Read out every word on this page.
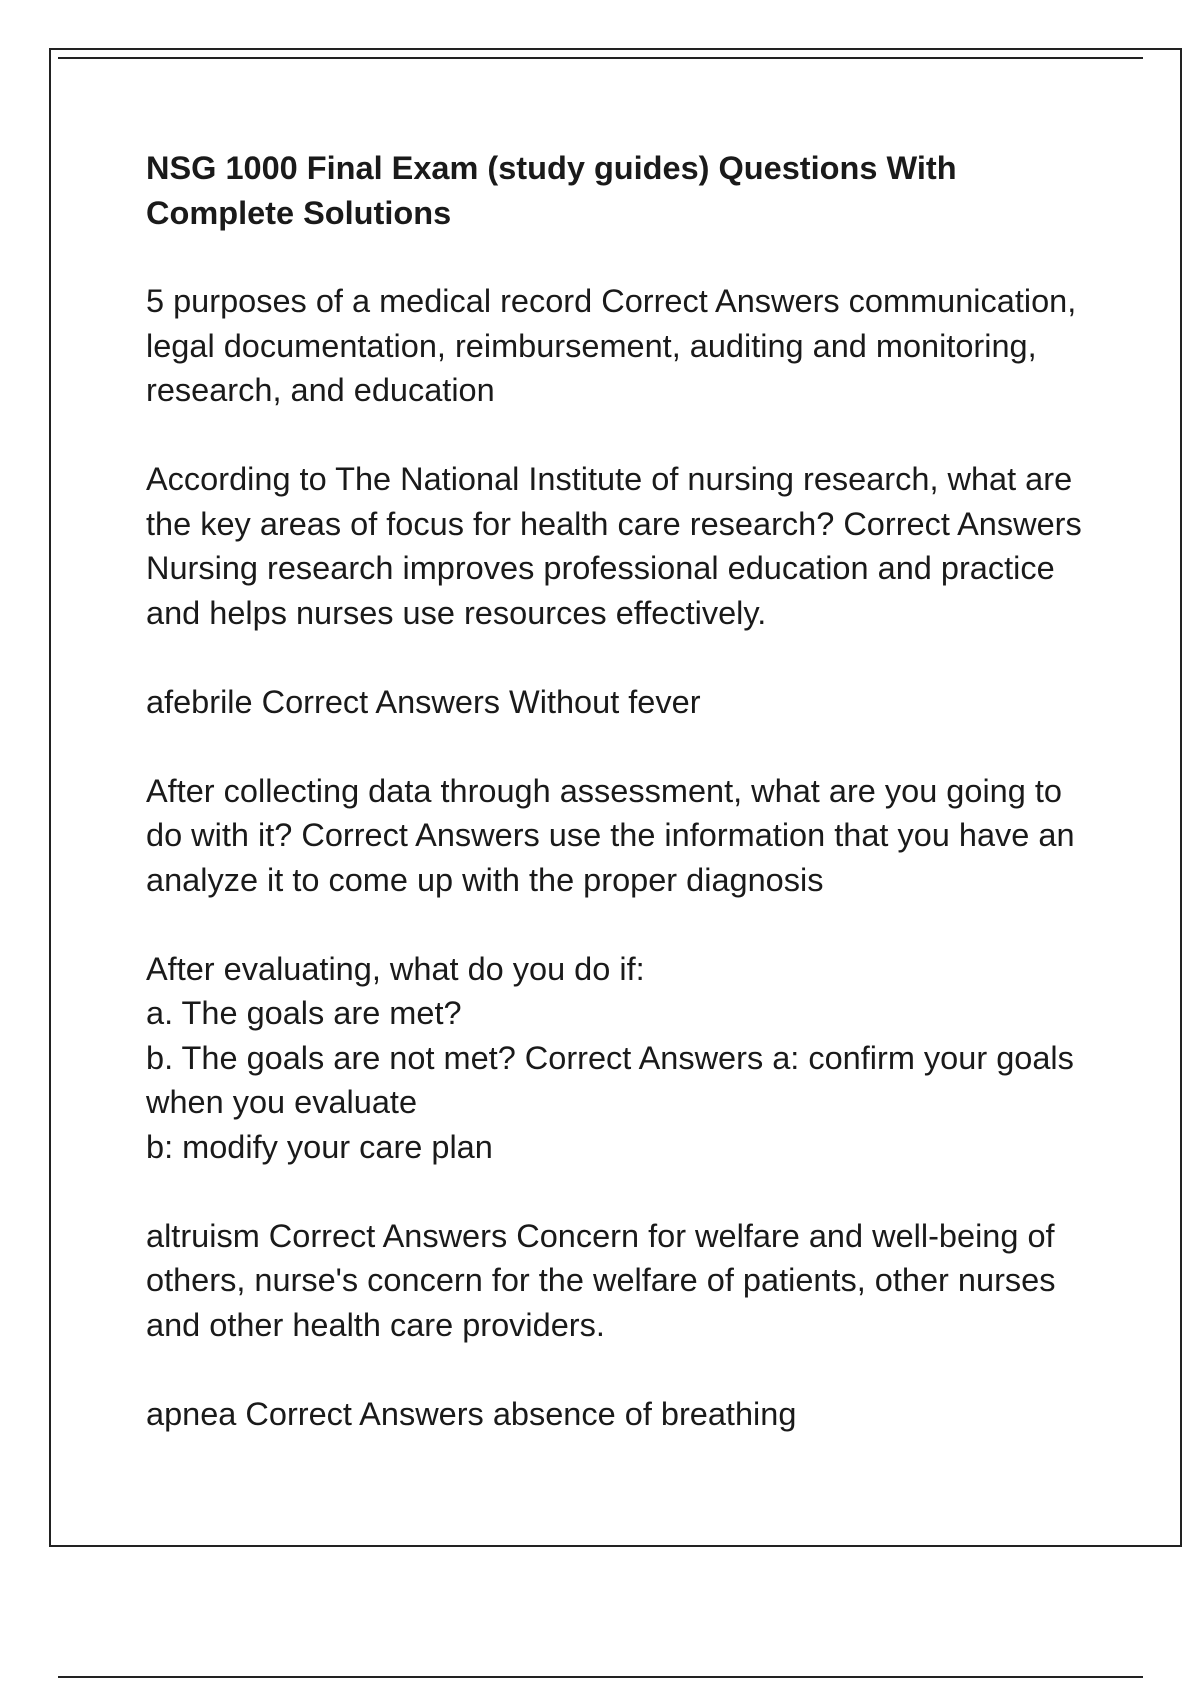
NSG 1000 Final Exam (study guides) Questions With Complete Solutions

5 purposes of a medical record Correct Answers communication, legal documentation, reimbursement, auditing and monitoring, research, and education

According to The National Institute of nursing research, what are the key areas of focus for health care research? Correct Answers Nursing research improves professional education and practice and helps nurses use resources effectively.

afebrile Correct Answers Without fever

After collecting data through assessment, what are you going to do with it? Correct Answers use the information that you have an analyze it to come up with the proper diagnosis

After evaluating, what do you do if:
a. The goals are met?
b. The goals are not met? Correct Answers a: confirm your goals when you evaluate
b: modify your care plan

altruism Correct Answers Concern for welfare and well-being of others, nurse's concern for the welfare of patients, other nurses and other health care providers.

apnea Correct Answers absence of breathing
